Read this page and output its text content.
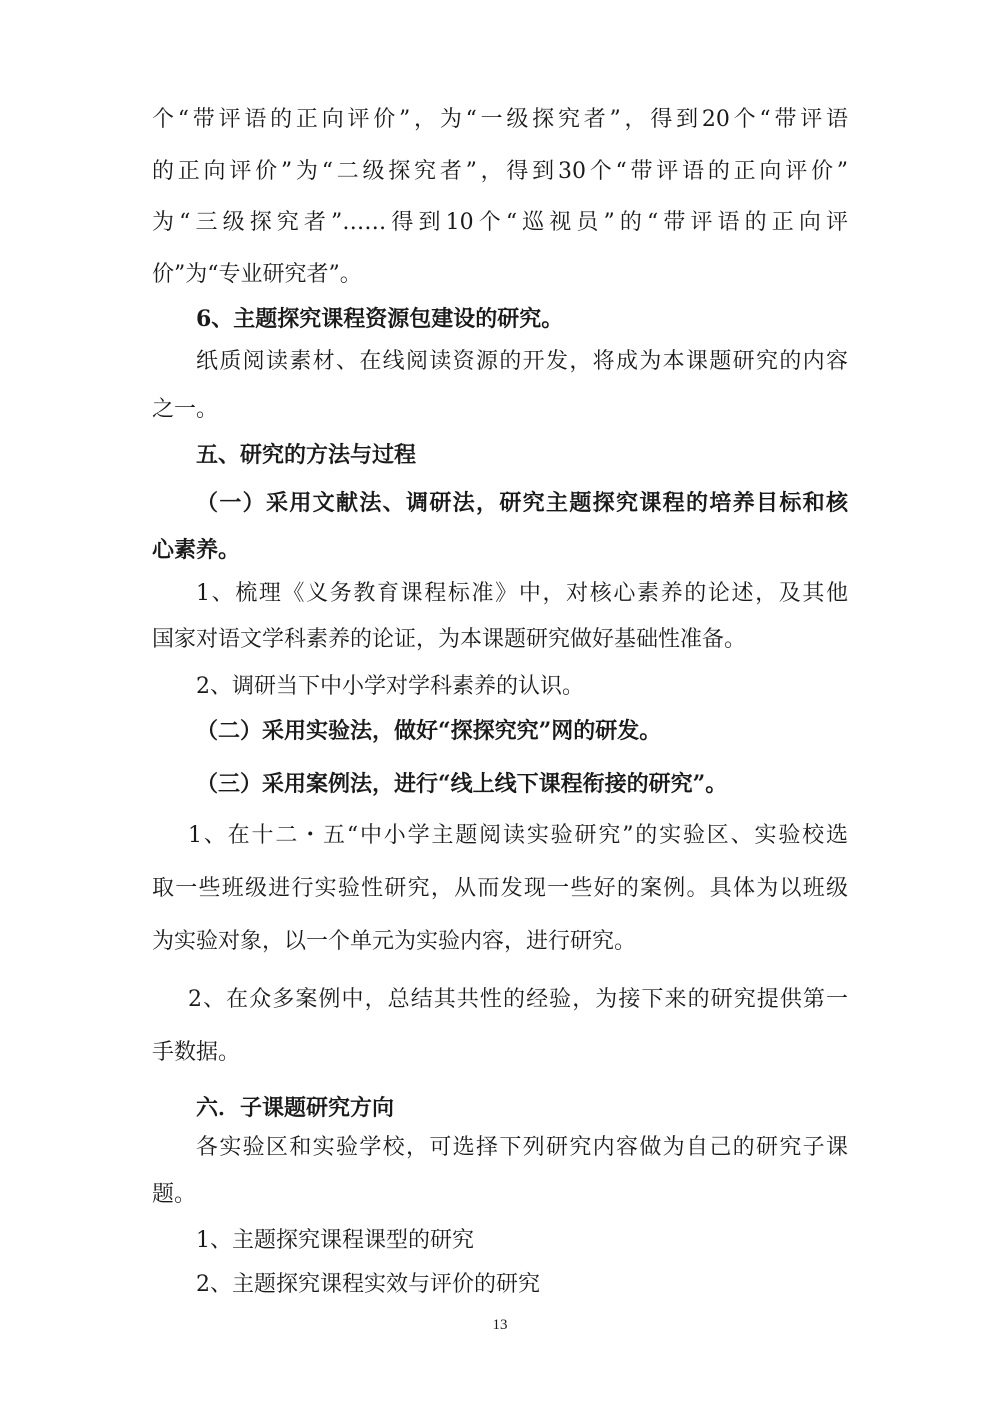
个“带评语的正向评价”，为“一级探究者”，得到20个“带评语
的正向评价”为“二级探究者”，得到30个“带评语的正向评价”
为“三级探究者”……得到10个“巡视员”的“带评语的正向评
价”为“专业研究者”。
6、主题探究课程资源包建设的研究。
纸质阅读素材、在线阅读资源的开发，将成为本课题研究的内容
之一。
五、研究的方法与过程
（一）采用文献法、调研法，研究主题探究课程的培养目标和核
心素养。
1、梳理《义务教育课程标准》中，对核心素养的论述，及其他
国家对语文学科素养的论证，为本课题研究做好基础性准备。
2、调研当下中小学对学科素养的认识。
（二）采用实验法，做好“探探究究”网的研发。
（三）采用案例法，进行“线上线下课程衔接的研究”。
1、在十二・五“中小学主题阅读实验研究”的实验区、实验校选
取一些班级进行实验性研究，从而发现一些好的案例。具体为以班级
为实验对象，以一个单元为实验内容，进行研究。
2、在众多案例中，总结其共性的经验，为接下来的研究提供第一
手数据。
六．子课题研究方向
各实验区和实验学校，可选择下列研究内容做为自己的研究子课
题。
1、主题探究课程课型的研究
2、主题探究课程实效与评价的研究
13
